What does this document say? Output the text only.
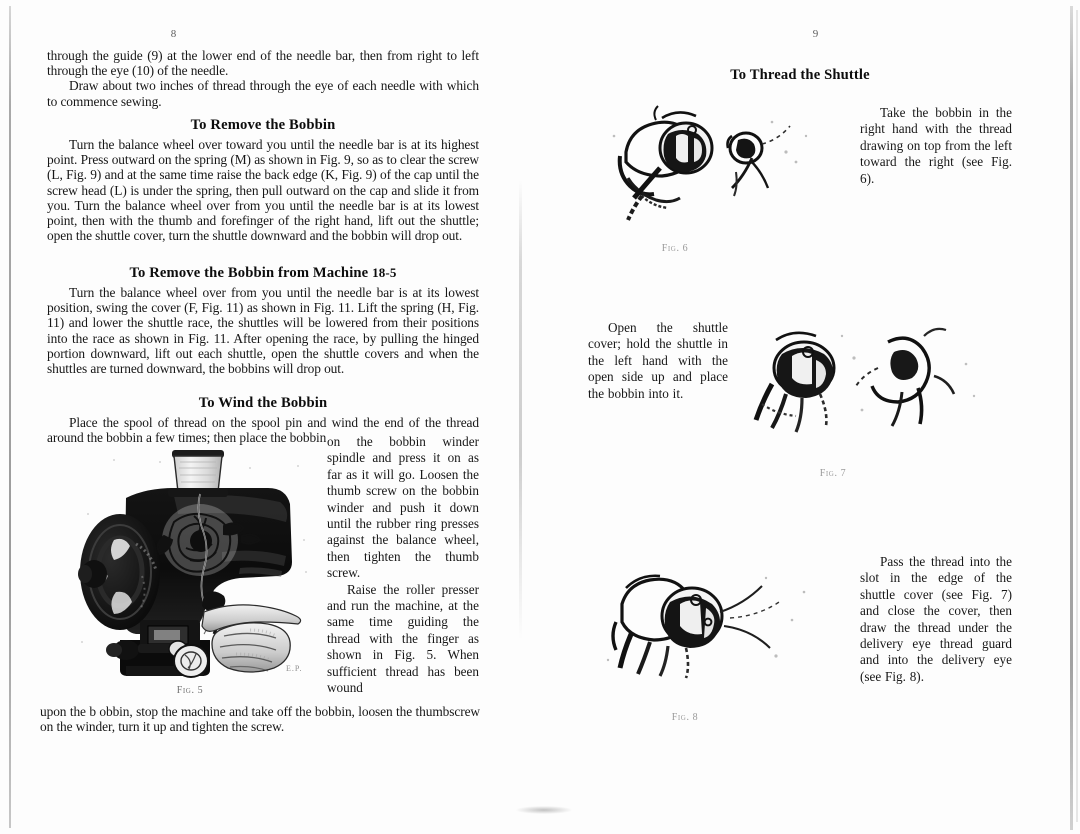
8

through the guide (9) at the lower end of the needle bar, then from right to left through the eye (10) of the needle.

Draw about two inches of thread through the eye of each needle with which to commence sewing.

To Remove the Bobbin

Turn the balance wheel over toward you until the needle bar is at its highest point. Press outward on the spring (M) as shown in Fig. 9, so as to clear the screw (L, Fig. 9) and at the same time raise the back edge (K, Fig. 9) of the cap until the screw head (L) is under the spring, then pull outward on the cap and slide it from you. Turn the balance wheel over from you until the needle bar is at its lowest point, then with the thumb and forefinger of the right hand, lift out the shuttle; open the shuttle cover, turn the shuttle downward and the bobbin will drop out.

To Remove the Bobbin from Machine 18-5

Turn the balance wheel over from you until the needle bar is at its lowest position, swing the cover (F, Fig. 11) as shown in Fig. 11. Lift the spring (H, Fig. 11) and lower the shuttle race, the shuttles will be lowered from their positions into the race as shown in Fig. 11. After opening the race, by pulling the hinged portion downward, lift out each shuttle, open the shuttle covers and when the shuttles are turned downward, the bobbins will drop out.

To Wind the Bobbin

Place the spool of thread on the spool pin and wind the end of the thread around the bobbin a few times; then place the bobbin on the bobbin winder spindle and press it on as far as it will go. Loosen the thumb screw on the bobbin winder and push it down until the rubber ring presses against the balance wheel, then tighten the thumb screw.

Raise the roller presser and run the machine, at the same time guiding the thread with the finger as shown in Fig. 5. When sufficient thread has been wound

E.P.
Fig. 5

upon the b obbin, stop the machine and take off the bobbin, loosen the thumbscrew on the winder, turn it up and tighten the screw.

9
To Thread the Shuttle
Fig. 6

Take the bobbin in the right hand with the thread drawing on top from the left toward the right (see Fig. 6).

Open the shuttle cover; hold the shuttle in the left hand with the open side up and place the bobbin into it.

Fig. 7
Fig. 8

Pass the thread into the slot in the edge of the shuttle cover (see Fig. 7) and close the cover, then draw the thread under the delivery eye thread guard and into the delivery eye (see Fig. 8).
